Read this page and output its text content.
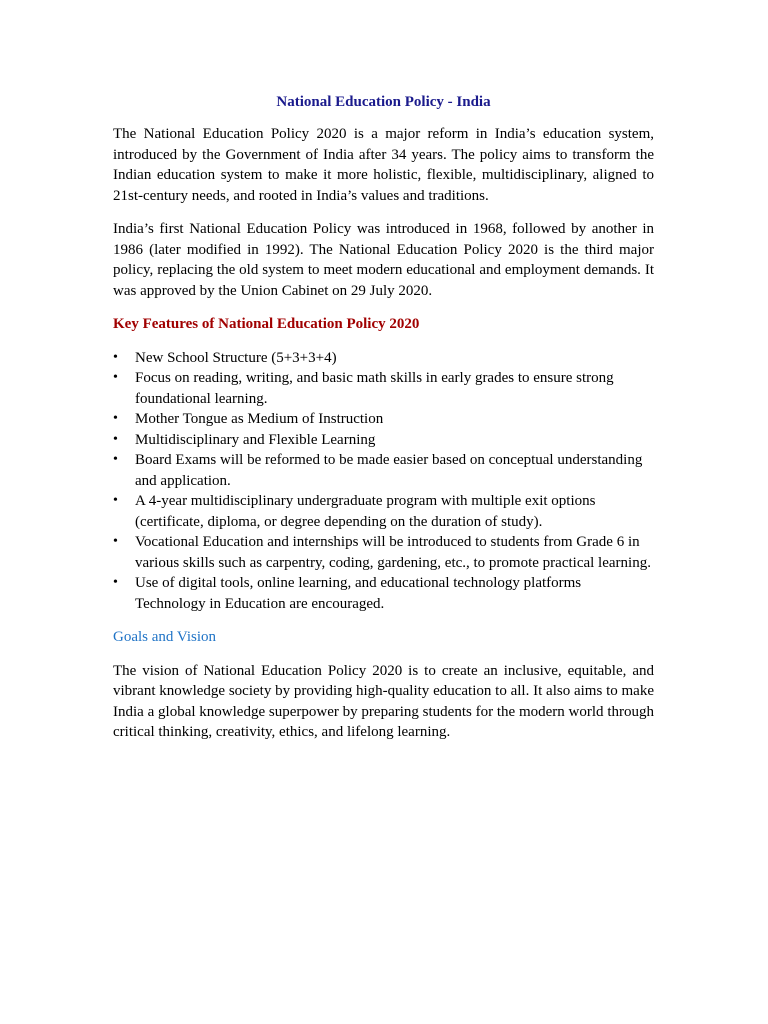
National Education Policy - India

The National Education Policy 2020 is a major reform in India’s education system, introduced by the Government of India after 34 years. The policy aims to transform the Indian education system to make it more holistic, flexible, multidisciplinary, aligned to 21st-century needs, and rooted in India’s values and traditions.

India’s first National Education Policy was introduced in 1968, followed by another in 1986 (later modified in 1992). The National Education Policy 2020 is the third major policy, replacing the old system to meet modern educational and employment demands. It was approved by the Union Cabinet on 29 July 2020.

Key Features of National Education Policy 2020
• New School Structure (5+3+3+4)
• Focus on reading, writing, and basic math skills in early grades to ensure strong foundational learning.
• Mother Tongue as Medium of Instruction
• Multidisciplinary and Flexible Learning
• Board Exams will be reformed to be made easier based on conceptual understanding and application.
• A 4-year multidisciplinary undergraduate program with multiple exit options (certificate, diploma, or degree depending on the duration of study).
• Vocational Education and internships will be introduced to students from Grade 6 in various skills such as carpentry, coding, gardening, etc., to promote practical learning.
• Use of digital tools, online learning, and educational technology platforms Technology in Education are encouraged.
Goals and Vision

The vision of National Education Policy 2020 is to create an inclusive, equitable, and vibrant knowledge society by providing high-quality education to all. It also aims to make India a global knowledge superpower by preparing students for the modern world through critical thinking, creativity, ethics, and lifelong learning.
